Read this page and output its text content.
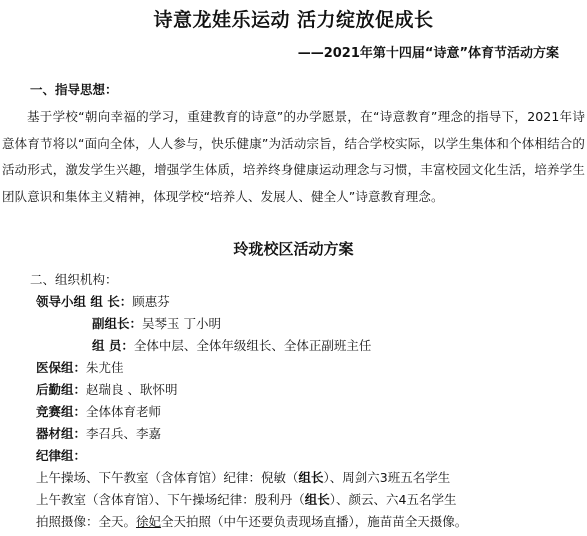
诗意龙娃乐运动 活力绽放促成长
——2021年第十四届“诗意”体育节活动方案
一、指导思想：
基于学校“朝向幸福的学习，重建教育的诗意”的办学愿景，在“诗意教育”理念的指导下，2021年诗意体育节将以“面向全体，人人参与，快乐健康”为活动宗旨，结合学校实际，以学生集体和个体相结合的活动形式，激发学生兴趣，增强学生体质，培养终身健康运动理念与习惯，丰富校园文化生活，培养学生团队意识和集体主义精神，体现学校“培养人、发展人、健全人”诗意教育理念。
玲珑校区活动方案
二、组织机构：
领导小组 组 长：顾惠芬
副组长：吴琴玉 丁小明
组 员：全体中层、全体年级组长、全体正副班主任
医保组：朱尤佳
后勤组：赵瑞良 、耿怀明
竞赛组：全体体育老师
器材组：李召兵、李嘉
纪律组：
上午操场、下午教室（含体育馆）纪律：倪敏（组长）、周剑六3班五名学生
上午教室（含体育馆）、下午操场纪律：殷利丹（组长）、颜云、六4五名学生
拍照摄像：全天。徐妃全天拍照（中午还要负责现场直播），施苗苗全天摄像。
